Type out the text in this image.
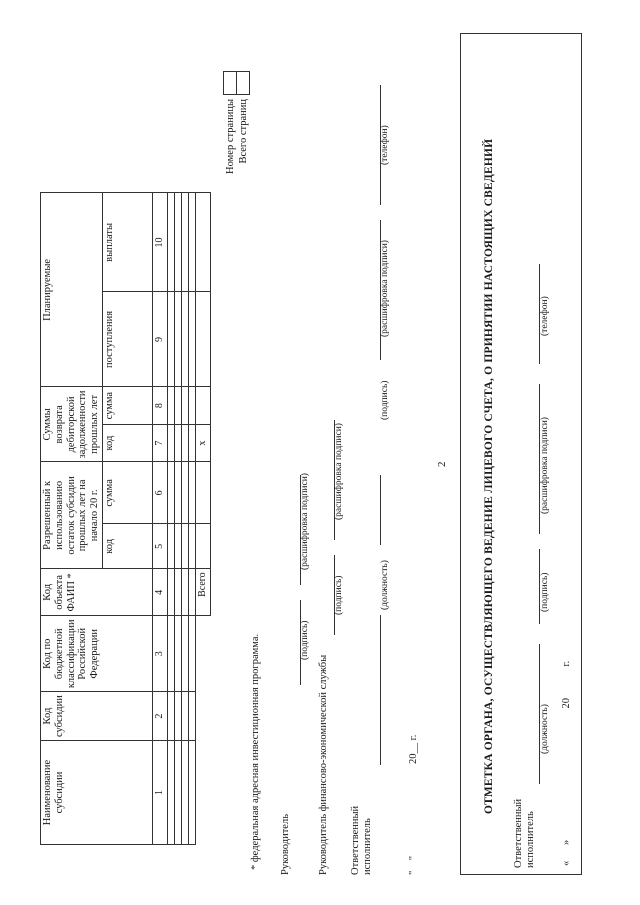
2
Наименование субсидии	Код субсидии	Код по бюджетной классификации Российской Федерации	Код объекта ФАИП *	Разрешенный к использованию остаток субсидии прошлых лет на начало 20 г.		Суммы возврата дебиторской задолженности прошлых лет		Планируемые	
				код	сумма	код	сумма	поступления	выплаты
1	2	3	4	5	6	7	8	9	10

			Всего			x			
Номер страницы	
Всего страниц	
* федеральная адресная инвестиционная программа. Руководитель
(подпись)
(расшифровка подписи)
Руководитель финансово-экономической службы
(подпись)
(расшифровка подписи)
Ответственный исполнитель
(должность)
(подпись)
(расшифровка подписи)
(телефон)
"    "                                   20__ г.	ОТМЕТКА ОРГАНА, ОСУЩЕСТВЛЯЮЩЕГО ВЕДЕНИЕ ЛИЦЕВОГО СЧЕТА, О ПРИНЯТИИ НАСТОЯЩИХ СВЕДЕНИЙ
Ответственный исполнитель
(должность)
(подпись)
(расшифровка подписи)
(телефон)
«      »                                                  20            г.
